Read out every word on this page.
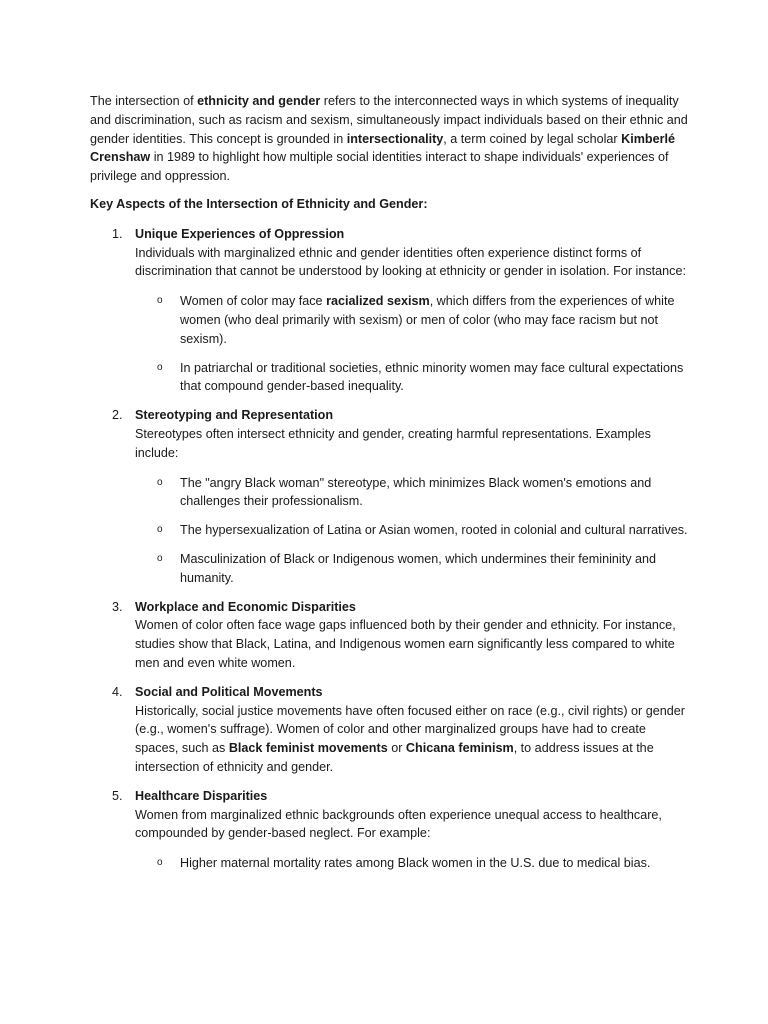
The intersection of ethnicity and gender refers to the interconnected ways in which systems of inequality and discrimination, such as racism and sexism, simultaneously impact individuals based on their ethnic and gender identities. This concept is grounded in intersectionality, a term coined by legal scholar Kimberlé Crenshaw in 1989 to highlight how multiple social identities interact to shape individuals' experiences of privilege and oppression.

Key Aspects of the Intersection of Ethnicity and Gender:

1. Unique Experiences of Oppression
Individuals with marginalized ethnic and gender identities often experience distinct forms of discrimination that cannot be understood by looking at ethnicity or gender in isolation. For instance:
o Women of color may face racialized sexism, which differs from the experiences of white women (who deal primarily with sexism) or men of color (who may face racism but not sexism).
o In patriarchal or traditional societies, ethnic minority women may face cultural expectations that compound gender-based inequality.
2. Stereotyping and Representation
Stereotypes often intersect ethnicity and gender, creating harmful representations. Examples include:
o The "angry Black woman" stereotype, which minimizes Black women's emotions and challenges their professionalism.
o The hypersexualization of Latina or Asian women, rooted in colonial and cultural narratives.
o Masculinization of Black or Indigenous women, which undermines their femininity and humanity.
3. Workplace and Economic Disparities
Women of color often face wage gaps influenced both by their gender and ethnicity. For instance, studies show that Black, Latina, and Indigenous women earn significantly less compared to white men and even white women.
4. Social and Political Movements
Historically, social justice movements have often focused either on race (e.g., civil rights) or gender (e.g., women's suffrage). Women of color and other marginalized groups have had to create spaces, such as Black feminist movements or Chicana feminism, to address issues at the intersection of ethnicity and gender.
5. Healthcare Disparities
Women from marginalized ethnic backgrounds often experience unequal access to healthcare, compounded by gender-based neglect. For example:
o Higher maternal mortality rates among Black women in the U.S. due to medical bias.
